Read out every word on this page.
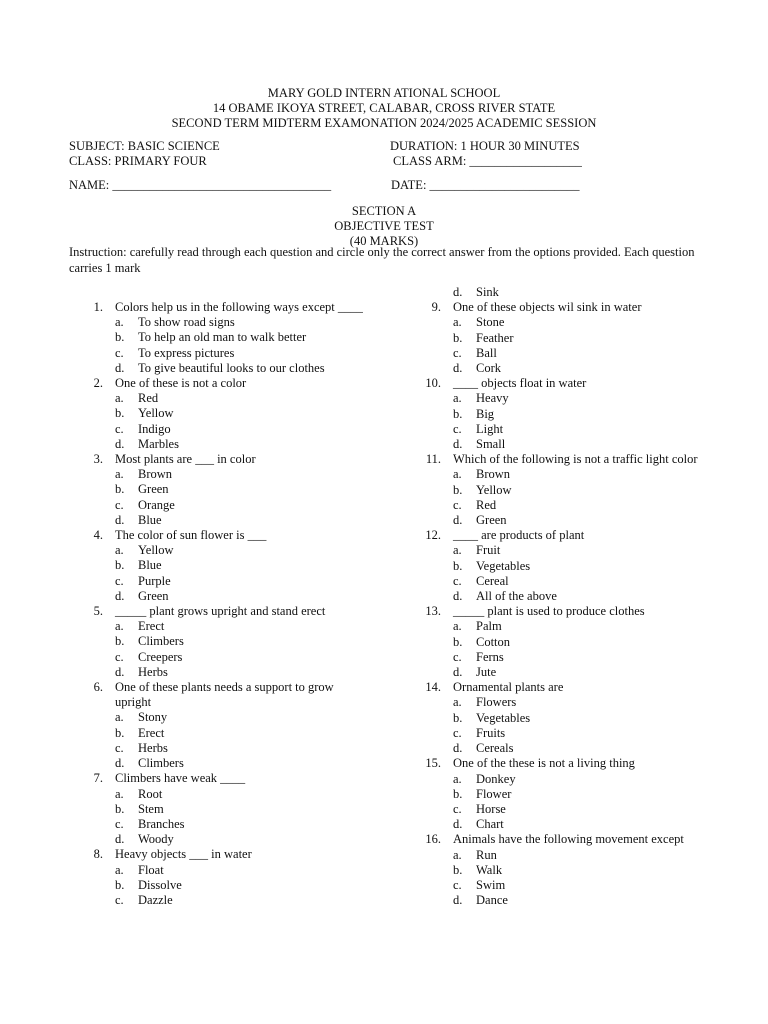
MARY GOLD INTERN ATIONAL SCHOOL
14 OBAME IKOYA STREET, CALABAR, CROSS RIVER STATE
SECOND TERM MIDTERM EXAMONATION 2024/2025 ACADEMIC SESSION
SUBJECT: BASIC SCIENCE	DURATION: 1 HOUR 30 MINUTES
CLASS: PRIMARY FOUR	CLASS ARM: __________________
NAME: ___________________________________	DATE: ________________________
SECTION A
OBJECTIVE TEST
(40 MARKS)
Instruction: carefully read through each question and circle only the correct answer from the options provided. Each question carries 1 mark
1. Colors help us in the following ways except ____
a. To show road signs
b. To help an old man to walk better
c. To express pictures
d. To give beautiful looks to our clothes
2. One of these is not a color
a. Red
b. Yellow
c. Indigo
d. Marbles
3. Most plants are ___ in color
a. Brown
b. Green
c. Orange
d. Blue
4. The color of sun flower is ___
a. Yellow
b. Blue
c. Purple
d. Green
5. _____ plant grows upright and stand erect
a. Erect
b. Climbers
c. Creepers
d. Herbs
6. One of these plants needs a support to grow upright
a. Stony
b. Erect
c. Herbs
d. Climbers
7. Climbers have weak ____
a. Root
b. Stem
c. Branches
d. Woody
8. Heavy objects ___ in water
a. Float
b. Dissolve
c. Dazzle
d. Sink
9. One of these objects wil sink in water
a. Stone
b. Feather
c. Ball
d. Cork
10. ____ objects float in water
a. Heavy
b. Big
c. Light
d. Small
11. Which of the following is not a traffic light color
a. Brown
b. Yellow
c. Red
d. Green
12. ____ are products of plant
a. Fruit
b. Vegetables
c. Cereal
d. All of the above
13. _____ plant is used to produce clothes
a. Palm
b. Cotton
c. Ferns
d. Jute
14. Ornamental plants are
a. Flowers
b. Vegetables
c. Fruits
d. Cereals
15. One of the these is not a living thing
a. Donkey
b. Flower
c. Horse
d. Chart
16. Animals have the following movement except
a. Run
b. Walk
c. Swim
d. Dance
